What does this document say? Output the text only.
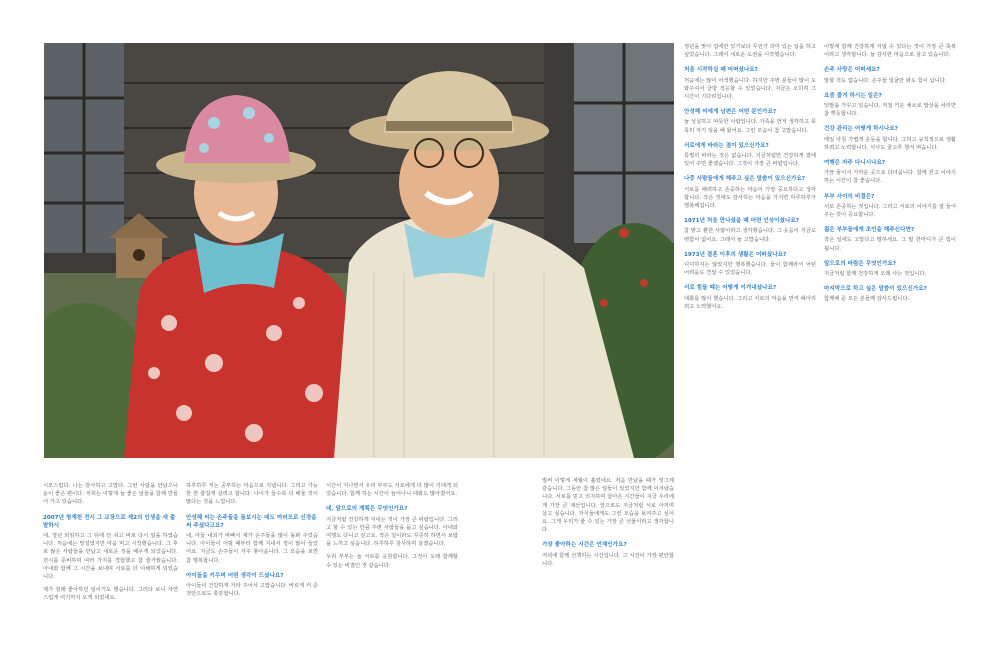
시모스럽다. 나는 감사하고 고맙다. 그런 사람을 만났으니 운이 좋은 편이다. 저희는 이렇게 늘 좋은 날들을 함께 만들어 가고 있습니다.

2007년 청계천 전시 그 교장으로 제2의 인생을 새 출발하시

네, 정년 퇴임하고 그 뒤에 안 쉬고 바로 다시 일을 하였습니다. 처음에는 망설였지만 마음 먹고 시작했습니다. 그 후로 많은 사람들을 만났고 새로운 것을 배우게 되었습니다. 전시를 준비하며 여러 가지를 경험했고 참 즐거웠습니다. 아내와 함께 그 시간을 보내며 서로를 더 이해하게 되었습니다.

제가 원래 좋아하던 일이기도 했습니다. 그러다 보니 자연스럽게 여기까지 오게 되었네요.

하루하루 저는 공부하는 마음으로 지냅니다. 그리고 가능한 한 즐겁게 살려고 합니다. 나이가 들수록 더 배울 것이 많다는 것을 느낍니다.

안성혜 씨는 손주들을 돌보시는 데도 여러모로 신경을 써 주셨다고요?

네, 아들 내외가 바빠서 제가 손주들을 많이 돌봐 주었습니다. 아이들이 어릴 때부터 함께 지내서 정이 많이 들었어요. 지금도 손주들이 자주 찾아옵니다. 그 모습을 보면 참 행복합니다.

아이들을 키우며 어떤 생각이 드셨나요?

아이들이 건강하게 자라 주어서 고맙습니다. 바르게 커 준 것만으로도 충분합니다.

시간이 지나면서 우리 부부도 서로에게 더 많이 기대게 되었습니다. 함께 하는 시간이 늘어나니 대화도 많아졌어요.

네, 앞으로의 계획은 무엇인가요?

지금처럼 건강하게 지내는 것이 가장 큰 바람입니다. 그리고 할 수 있는 만큼 주변 사람들을 돕고 싶습니다. 아내와 여행도 다니고 싶고요. 작은 일이라도 꾸준히 하면서 보람을 느끼고 싶습니다. 하루하루 감사하며 살겠습니다.

우리 부부는 늘 서로를 응원합니다. 그것이 오래 함께할 수 있는 비결인 것 같습니다.

벌써 이렇게 세월이 흘렀네요. 처음 만났을 때가 엊그제 같습니다. 그동안 참 많은 일들이 있었지만 함께 이겨냈습니다. 서로를 믿고 의지하며 살아온 시간들이 지금 우리에게 가장 큰 재산입니다. 앞으로도 지금처럼 서로 아끼며 살고 싶습니다. 자식들에게도 그런 모습을 보여주고 싶어요. 그게 우리가 줄 수 있는 가장 큰 선물이라고 생각합니다.

가장 좋아하는 시간은 언제인가요?

저녁에 함께 산책하는 시간입니다. 그 시간이 가장 편안합니다.

정년을 맞아 집에만 있기보다 무언가 의미 있는 일을 하고 싶었습니다. 그래서 새로운 도전을 시작했습니다.

처음 시작하실 때 어떠셨나요?

처음에는 많이 어색했습니다. 하지만 주변 분들이 많이 도와주셔서 금방 적응할 수 있었습니다. 지금은 오히려 그 시간이 기다려집니다.

안성혜 씨에게 남편은 어떤 분인가요?

늘 성실하고 따뜻한 사람입니다. 가족을 먼저 생각하고 묵묵히 자기 일을 해 왔어요. 그런 모습이 참 고맙습니다.

서로에게 바라는 점이 있으신가요?

특별히 바라는 것은 없습니다. 지금처럼만 건강하게 곁에 있어 주면 좋겠습니다. 그것이 가장 큰 바람입니다.

나중 사람들에게 해주고 싶은 말씀이 있으신가요?

서로를 배려하고 존중하는 마음이 가장 중요하다고 생각합니다. 작은 것에도 감사하는 마음을 가지면 하루하루가 행복해집니다.

1971년 처음 만나셨을 때 어떤 인상이셨나요?

참 밝고 환한 사람이라고 생각했습니다. 그 웃음이 지금도 변함이 없어요. 그래서 늘 고맙습니다.

1973년 결혼 이후의 생활은 어떠셨나요?

넉넉하지는 않았지만 행복했습니다. 둘이 함께라서 어떤 어려움도 견딜 수 있었습니다.

서로 힘들 때는 어떻게 이겨내셨나요?

대화를 많이 했습니다. 그리고 서로의 마음을 먼저 헤아리려고 노력했어요.

이렇게 함께 건강하게 지낼 수 있다는 것이 가장 큰 축복이라고 생각합니다. 늘 감사한 마음으로 살고 있습니다.

손주 사랑은 어떠세요?

말할 것도 없습니다. 손주들 얼굴만 봐도 힘이 납니다.

요즘 즐겨 하시는 일은?

텃밭을 가꾸고 있습니다. 직접 키운 채소로 밥상을 차리면 참 뿌듯합니다.

건강 관리는 어떻게 하시나요?

매일 아침 가볍게 운동을 합니다. 그리고 규칙적으로 생활하려고 노력합니다. 식사도 골고루 챙겨 먹습니다.

여행은 자주 다니시나요?

가끔 둘이서 가까운 곳으로 다녀옵니다. 함께 걷고 이야기하는 시간이 참 좋습니다.

부부 사이의 비결은?

서로 존중하는 것입니다. 그리고 서로의 이야기를 잘 들어주는 것이 중요합니다.

젊은 부부들에게 조언을 해주신다면?

작은 일에도 고맙다고 말하세요. 그 말 한마디가 큰 힘이 됩니다.

앞으로의 바람은 무엇인가요?

지금처럼 함께 건강하게 오래 사는 것입니다.

마지막으로 하고 싶은 말씀이 있으신가요?

함께해 준 모든 분들께 감사드립니다.
